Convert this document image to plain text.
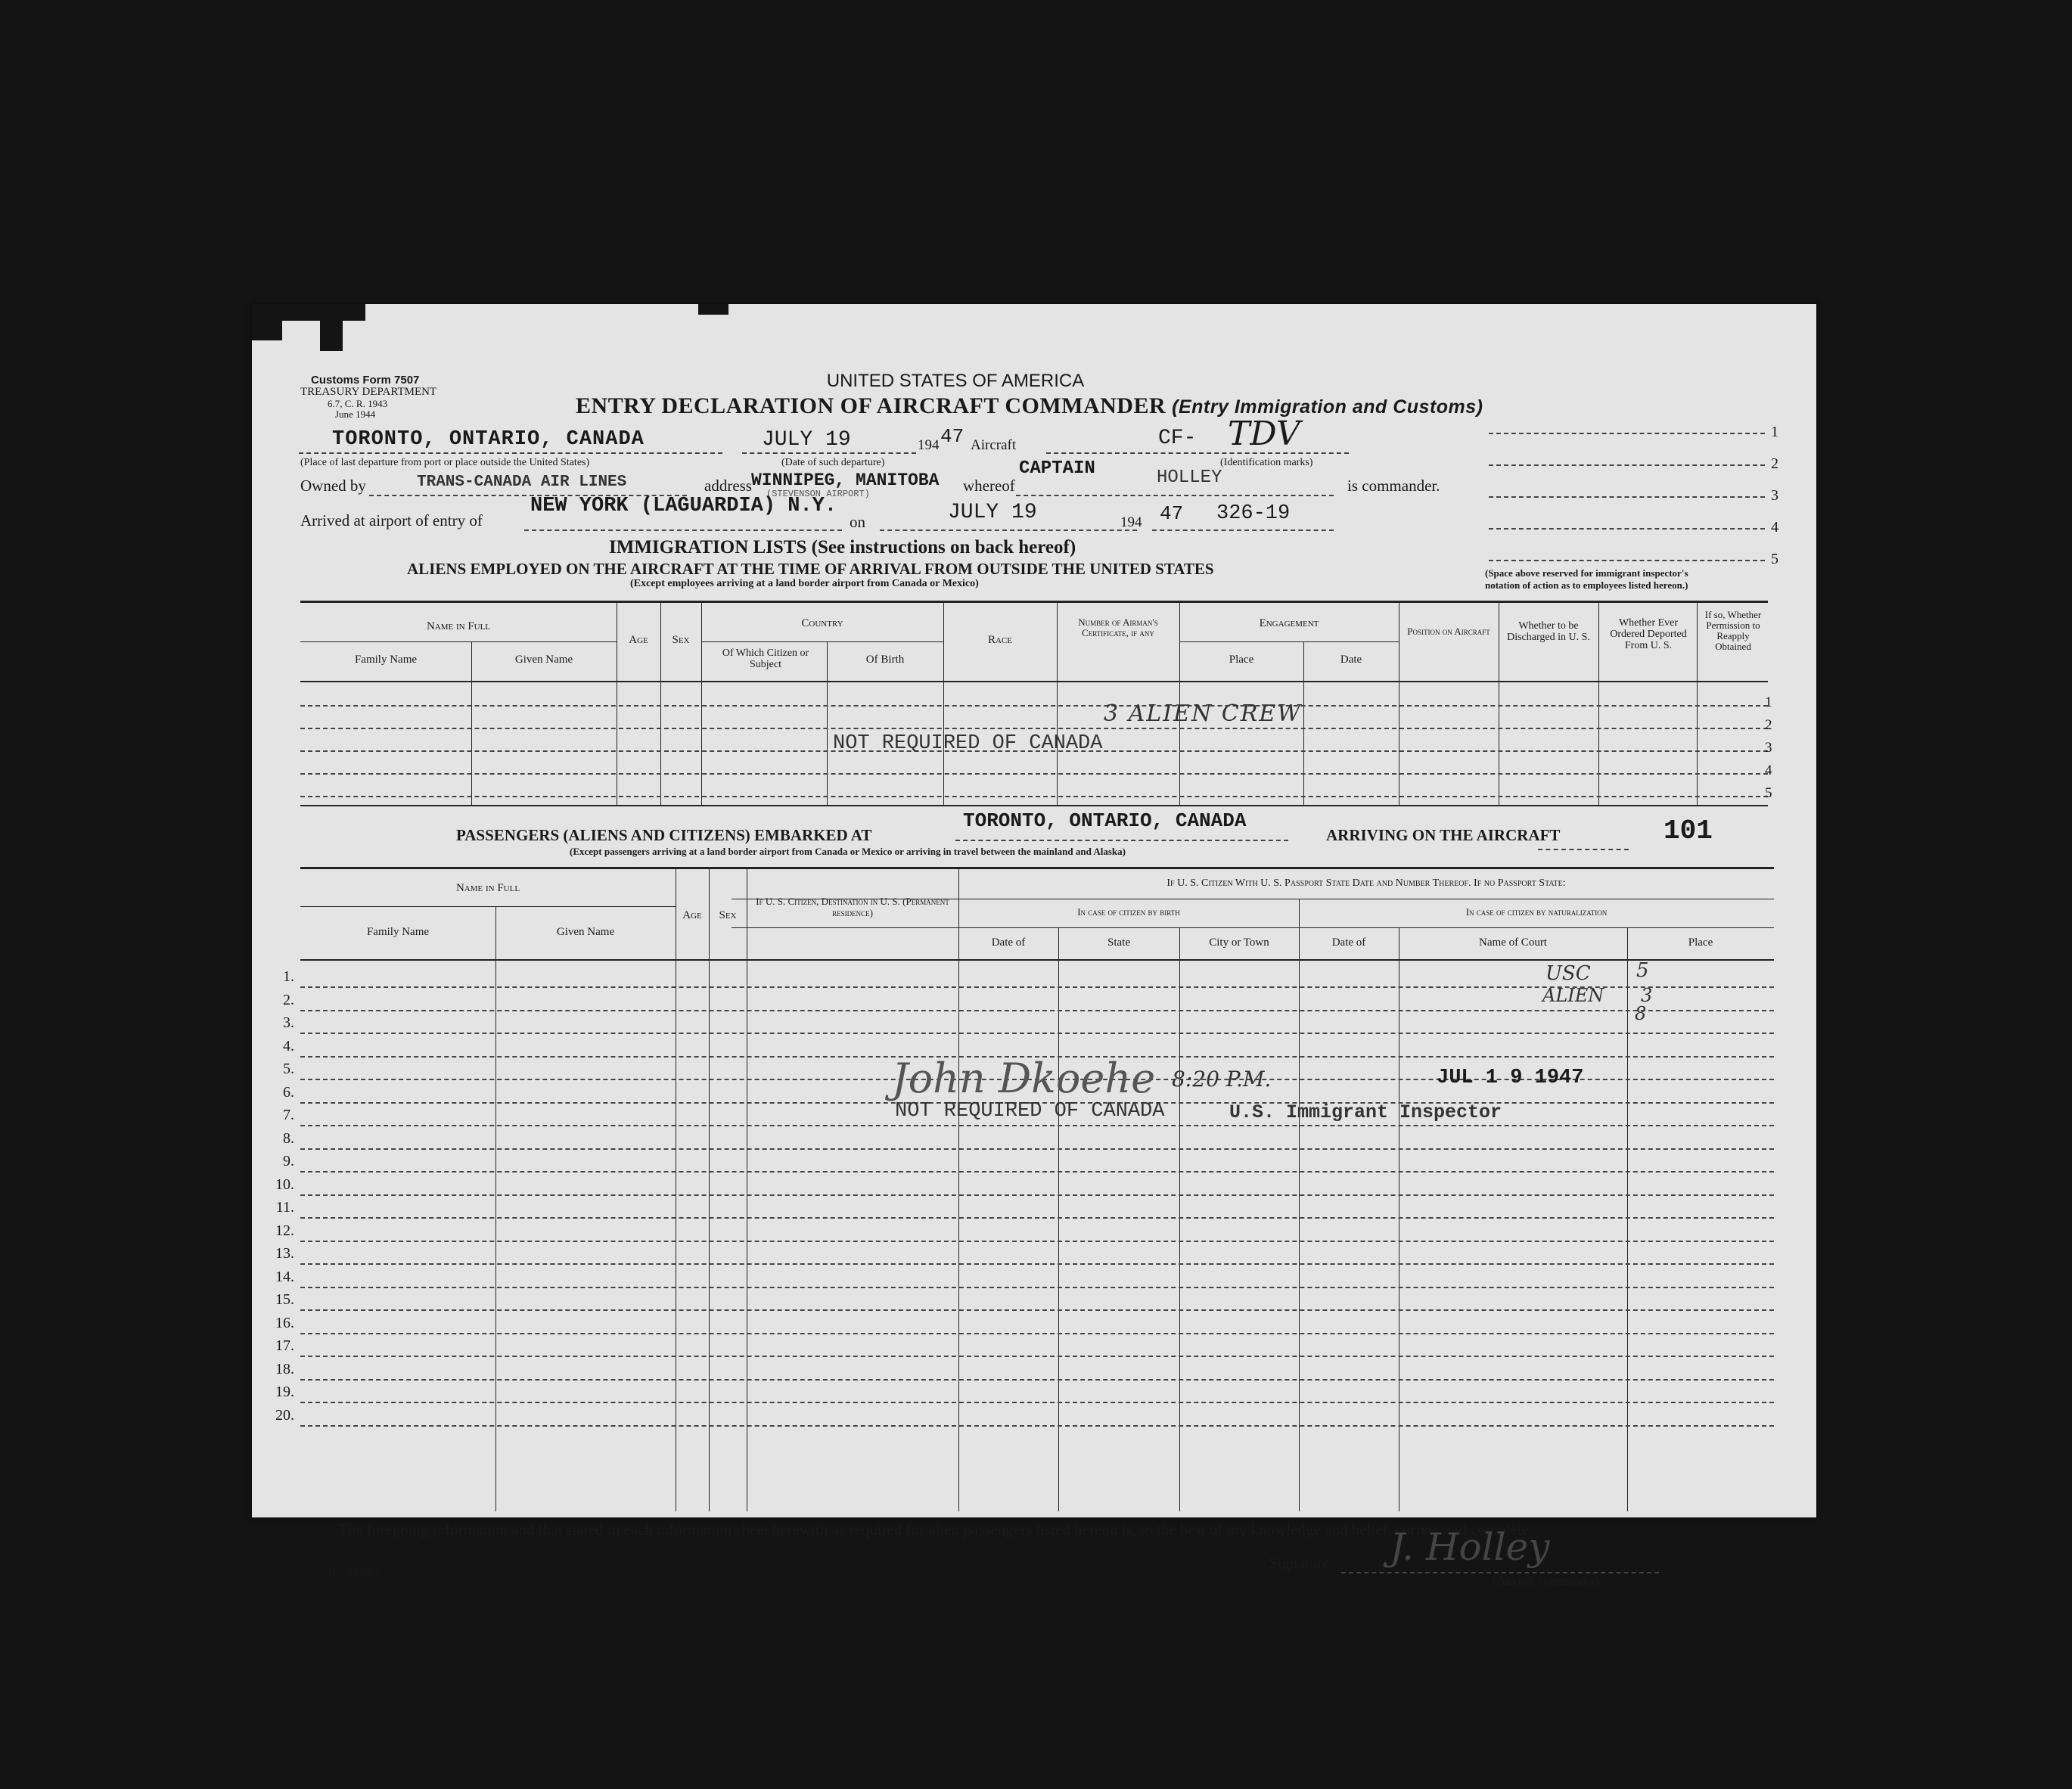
Customs Form 7507
TREASURY DEPARTMENT
6.7, C. R. 1943
June 1944
UNITED STATES OF AMERICA
ENTRY DECLARATION OF AIRCRAFT COMMANDER (Entry Immigration and Customs)
TORONTO, ONTARIO, CANADA
(Place of last departure from port or place outside the United States)
JULY 19
(Date of such departure)
194 47 Aircraft	CF- TDV
(Identification marks)
Owned by	TRANS-CANADA AIR LINES	address WINNIPEG, MANITOBA
(STEVENSON AIRPORT)	whereof
CAPTAIN	HOLLEY	is commander.
Arrived at airport of entry of
NEW YORK (LAGUARDIA) N.Y.
on	JULY 19	194 47 326-19
1
2
3
4
5
(Space above reserved for immigrant inspector's
notation of action as to employees listed hereon.)
IMMIGRATION LISTS (See instructions on back hereof)
ALIENS EMPLOYED ON THE AIRCRAFT AT THE TIME OF ARRIVAL FROM OUTSIDE THE UNITED STATES
(Except employees arriving at a land border airport from Canada or Mexico)
Name in Full
Family Name	Given Name
Age	Sex
Country
Of Which Citizen or Subject	Of Birth
Race
Number of Airman's Certificate, if any
Engagement
Place	Date
Position on Aircraft	Whether to be Discharged in U. S.
Whether Ever Ordered Deported From U. S.
If so, Whether Permission to Reapply Obtained
1
2
3
4
5
3 ALIEN CREW
NOT REQUIRED OF CANADA
PASSENGERS (ALIENS AND CITIZENS) EMBARKED AT
TORONTO, ONTARIO, CANADA
ARRIVING ON THE AIRCRAFT	101
(Except passengers arriving at a land border airport from Canada or Mexico or arriving in travel between the mainland and Alaska)
Name in Full
Family Name	Given Name
Age	Sex
If U. S. Citizen, Destination in U. S. (Permanent residence)
If U. S. Citizen With U. S. Passport State Date and Number Thereof. If no Passport State:
In case of citizen by birth	In case of citizen by naturalization
Date of	State	City or Town	Date of	Name of Court	Place
1.
2.
3.
4.
5.
6.
7.
8.
9.
10.
11.
12.
13.
14.
15.
16.
17.
18.
19.
20.
USC 5
ALIEN 3
8
John Dkoehe 8:20 P.M.	JUL 1 9 1947
NOT REQUIRED OF CANADA	U.S. Immigrant Inspector
The foregoing information and that stated in each information sheet herewith as required for alien passengers listed hereon is, to the best of my knowledge and belief, correct and complete.
16—24598-5	Signature J. Holley
(Aircraft commander)
